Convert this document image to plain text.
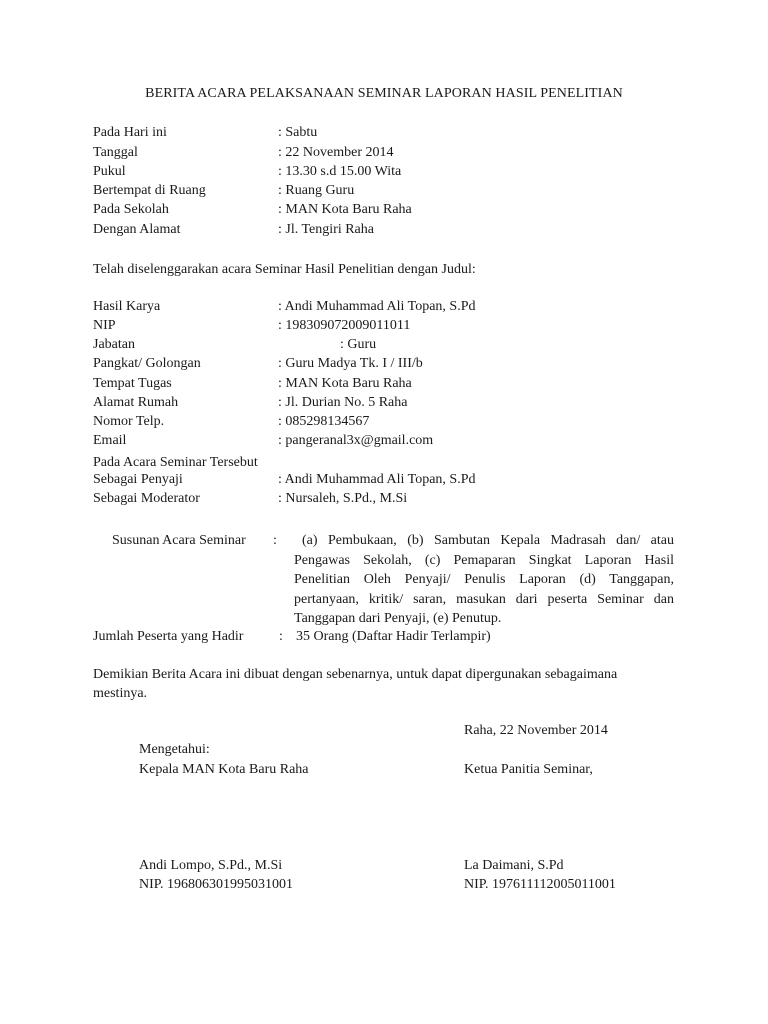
BERITA ACARA PELAKSANAAN SEMINAR LAPORAN HASIL PENELITIAN
Pada Hari ini	: Sabtu
Tanggal	: 22 November 2014
Pukul	: 13.30 s.d 15.00 Wita
Bertempat di Ruang	: Ruang Guru
Pada Sekolah	: MAN Kota Baru Raha
Dengan Alamat	: Jl. Tengiri Raha
Telah diselenggarakan acara Seminar Hasil Penelitian dengan Judul:
Hasil Karya	: Andi Muhammad Ali Topan, S.Pd
NIP	: 198309072009011011
Jabatan	: Guru
Pangkat/ Golongan	: Guru Madya Tk. I / III/b
Tempat Tugas	: MAN Kota Baru Raha
Alamat Rumah	: Jl. Durian No. 5 Raha
Nomor Telp.	: 085298134567
Email	: pangeranal3x@gmail.com
Pada Acara Seminar Tersebut
Sebagai Penyaji	: Andi Muhammad Ali Topan, S.Pd
Sebagai Moderator	: Nursaleh, S.Pd., M.Si
Susunan Acara Seminar :	(a) Pembukaan, (b) Sambutan Kepala Madrasah dan/ atau Pengawas Sekolah, (c) Pemaparan Singkat Laporan Hasil Penelitian Oleh Penyaji/ Penulis Laporan (d) Tanggapan, pertanyaan, kritik/ saran, masukan dari peserta Seminar dan Tanggapan dari Penyaji, (e) Penutup.
Jumlah Peserta yang Hadir	: 35 Orang (Daftar Hadir Terlampir)
Demikian Berita Acara ini dibuat dengan sebenarnya, untuk dapat dipergunakan sebagaimana
mestinya.
Raha, 22 November 2014
Mengetahui:
Kepala MAN Kota Baru Raha	Ketua Panitia Seminar,
Andi Lompo, S.Pd., M.Si
NIP. 196806301995031001
La Daimani, S.Pd
NIP. 197611112005011001
